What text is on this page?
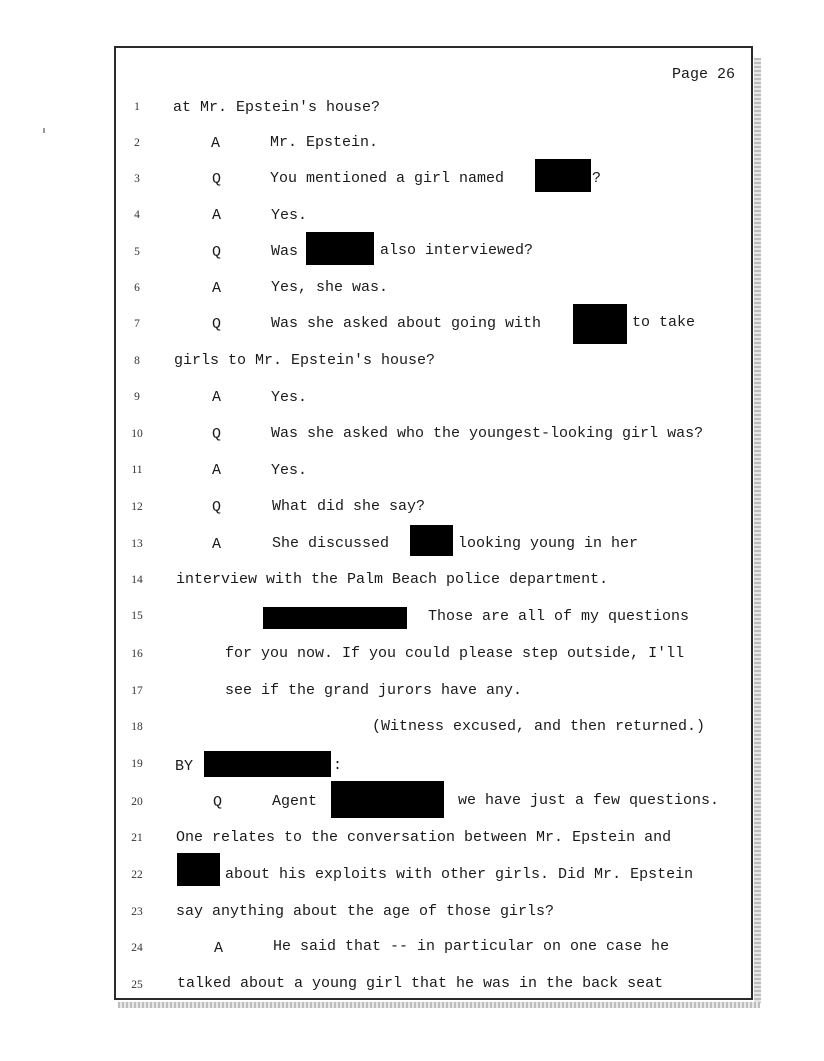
Page 26
1	at Mr. Epstein's house?
2	A	Mr. Epstein.
3	Q	You mentioned a girl named	?
4	A	Yes.
5	Q	Was	also interviewed?
6	A	Yes, she was.
7	Q	Was she asked about going with	to take
8	girls to Mr. Epstein's house?
9	A	Yes.
10	Q	Was she asked who the youngest-looking girl was?
11	A	Yes.
12	Q	What did she say?
13	A	She discussed	looking young in her
14	interview with the Palm Beach police department.
15	Those are all of my questions
16	for you now. If you could please step outside, I'll
17	see if the grand jurors have any.
18	(Witness excused, and then returned.)
19	BY	:
20	Q	Agent	we have just a few questions.
21	One relates to the conversation between Mr. Epstein and
22	about his exploits with other girls. Did Mr. Epstein
23	say anything about the age of those girls?
24	A	He said that -- in particular on one case he
25	talked about a young girl that he was in the back seat
